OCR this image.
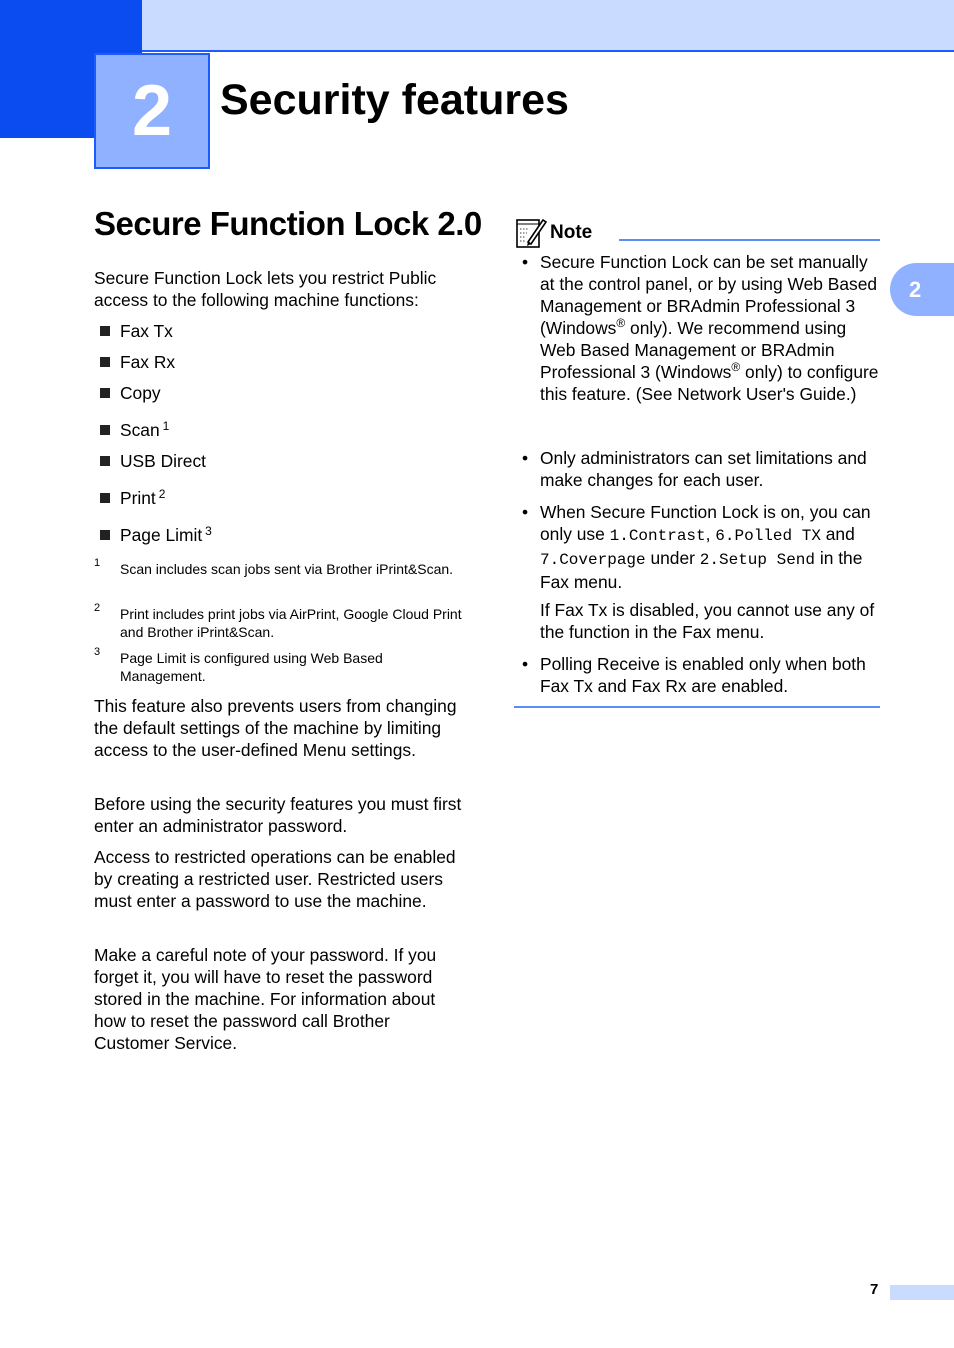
2	Security features
Secure Function Lock 2.0
Secure Function Lock lets you restrict Public access to the following machine functions:
Fax Tx
Fax Rx
Copy
Scan $^1$
USB Direct
Print $^2$
Page Limit $^3$
1 Scan includes scan jobs sent via Brother iPrint&Scan.
2 Print includes print jobs via AirPrint, Google Cloud Print and Brother iPrint&Scan.
3 Page Limit is configured using Web Based Management.
This feature also prevents users from changing the default settings of the machine by limiting access to the user-defined Menu settings.
Before using the security features you must first enter an administrator password.
Access to restricted operations can be enabled by creating a restricted user. Restricted users must enter a password to use the machine.
Make a careful note of your password. If you forget it, you will have to reset the password stored in the machine. For information about how to reset the password call Brother Customer Service.
Note
• Secure Function Lock can be set manually at the control panel, or by using Web Based Management or BRAdmin Professional 3 (Windows® only). We recommend using Web Based Management or BRAdmin Professional 3 (Windows® only) to configure this feature. (See Network User's Guide.)
• Only administrators can set limitations and make changes for each user.
• When Secure Function Lock is on, you can only use 1.Contrast, 6.Polled TX and 7.Coverpage under 2.Setup Send in the Fax menu.
If Fax Tx is disabled, you cannot use any of the function in the Fax menu.
• Polling Receive is enabled only when both Fax Tx and Fax Rx are enabled.
2
7
